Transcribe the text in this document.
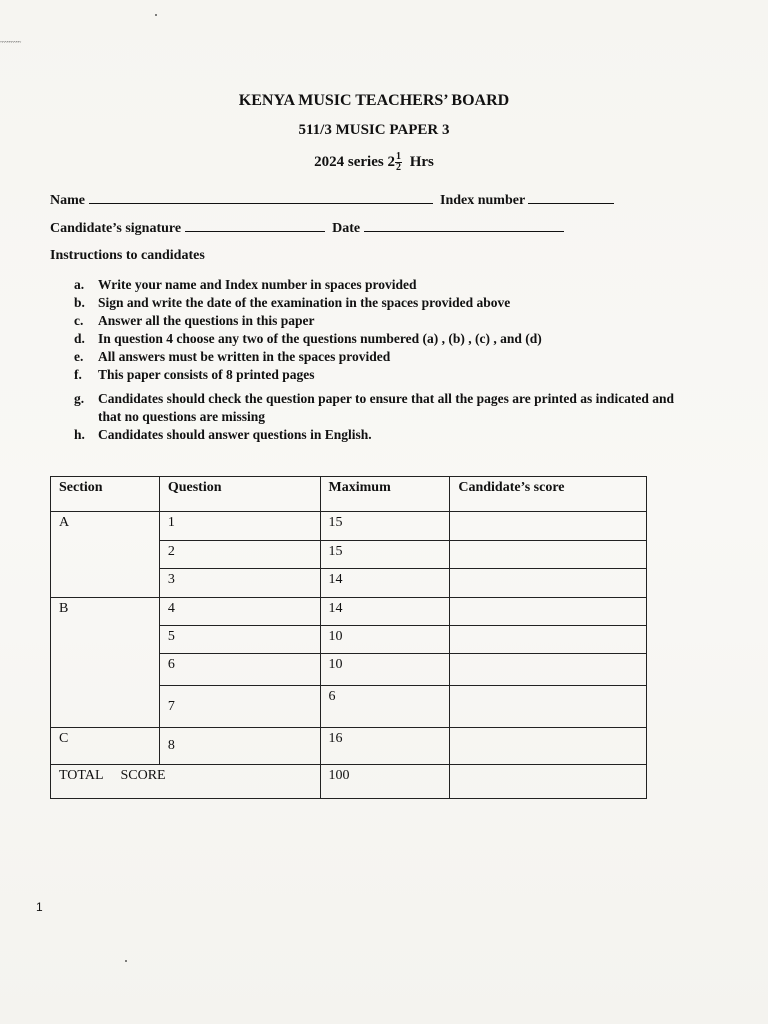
~~~~~~~~~
KENYA MUSIC TEACHERS’ BOARD
511/3 MUSIC PAPER 3
2024 series $2 \frac{1}{2}$ Hrs
Name	Index number
Candidate’s signature	Date
Instructions to candidates
a.	Write your name and Index number in spaces provided
b. Sign and write the date of the examination in the spaces provided above
c.	Answer all the questions in this paper
d. In question 4 choose any two of the questions numbered (a) , (b) , (c) , and (d)
e.	All answers must be written in the spaces provided
f.	This paper consists of 8 printed pages
g.	Candidates should check the question paper to ensure that all the pages are printed as indicated and that no questions are missing
h. Candidates should answer questions in English.
Section	Question	Maximum	Candidate’s score
A	1	15	
	2	15	
	3	14	
B	4	14	
	5	10	
	6	10	
	7	6	
C	8	16	
TOTAL     SCORE		100	
1
